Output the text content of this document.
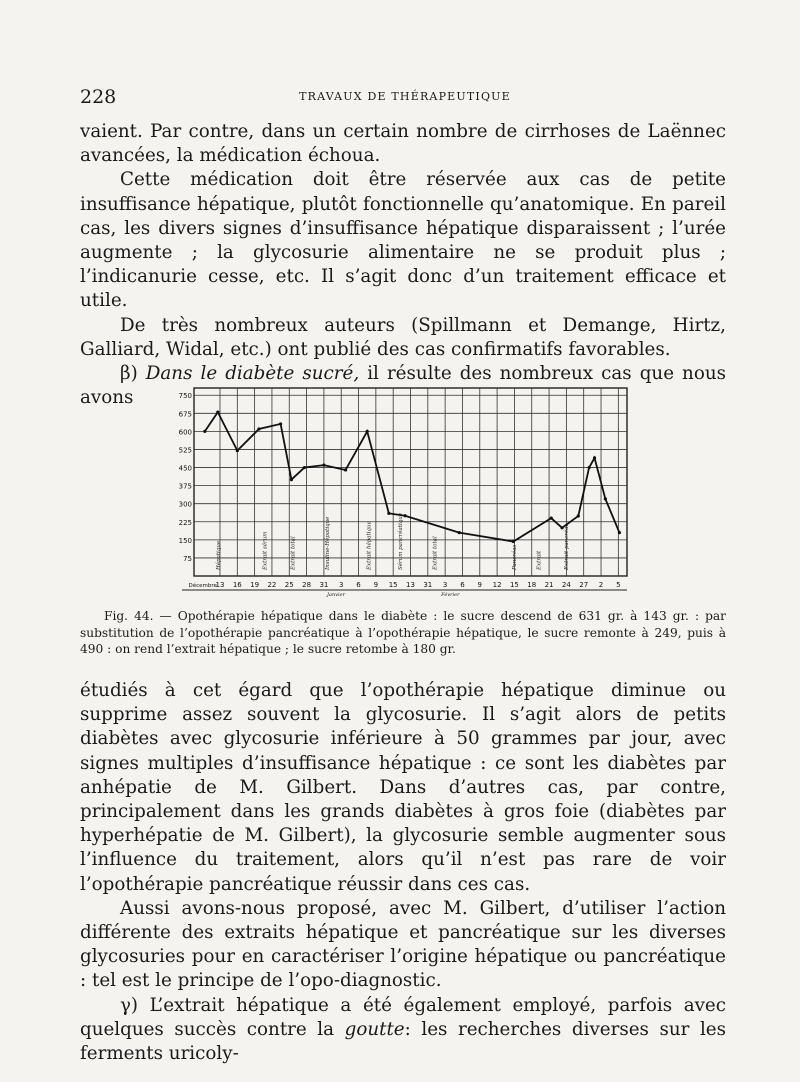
228	TRAVAUX DE THÉRAPEUTIQUE

vaient. Par contre, dans un certain nombre de cirrhoses de Laënnec avancées, la médication échoua.

Cette médication doit être réservée aux cas de petite insuffisance hépatique, plutôt fonctionnelle qu’anatomique. En pareil cas, les divers signes d’insuffisance hépatique disparaissent ; l’urée augmente ; la glycosurie alimentaire ne se produit plus ; l’indicanurie cesse, etc. Il s’agit donc d’un traitement efficace et utile.

De très nombreux auteurs (Spillmann et Demange, Hirtz, Galliard, Widal, etc.) ont publié des cas confirmatifs favorables.

β) Dans le diabète sucré, il résulte des nombreux cas que nous avons	750
675
600
525
450
375
300
225
150
75
Décembre
13 16 19 22 25 28 31 3 6 9 15 13 31 3 6 9 12 15 18 21 24 27 2 5
Janvier	Février
Hépatique	Extrait sérum	Extrait total	Insuline-Hépatique	Extrait hépatique	Sérum pancréatique	Extrait total	Pancréas	Extrait	Extrait pancréat.
Fig. 44. — Opothérapie hépatique dans le diabète : le sucre descend de 631 gr. à 143 gr. : par substitution de l’opothérapie pancréatique à l’opothérapie hépatique, le sucre remonte à 249, puis à 490 : on rend l’extrait hépatique ; le sucre retombe à 180 gr.

étudiés à cet égard que l’opothérapie hépatique diminue ou supprime assez souvent la glycosurie. Il s’agit alors de petits diabètes avec glycosurie inférieure à 50 grammes par jour, avec signes multiples d’insuffisance hépatique : ce sont les diabètes par anhépatie de M. Gilbert. Dans d’autres cas, par contre, principalement dans les grands diabètes à gros foie (diabètes par hyperhépatie de M. Gilbert), la glycosurie semble augmenter sous l’influence du traitement, alors qu’il n’est pas rare de voir l’opothérapie pancréatique réussir dans ces cas.

Aussi avons-nous proposé, avec M. Gilbert, d’utiliser l’action différente des extraits hépatique et pancréatique sur les diverses glycosuries pour en caractériser l’origine hépatique ou pancréatique : tel est le principe de l’opo-diagnostic.

γ) L’extrait hépatique a été également employé, parfois avec quelques succès contre la goutte: les recherches diverses sur les ferments uricoly-
